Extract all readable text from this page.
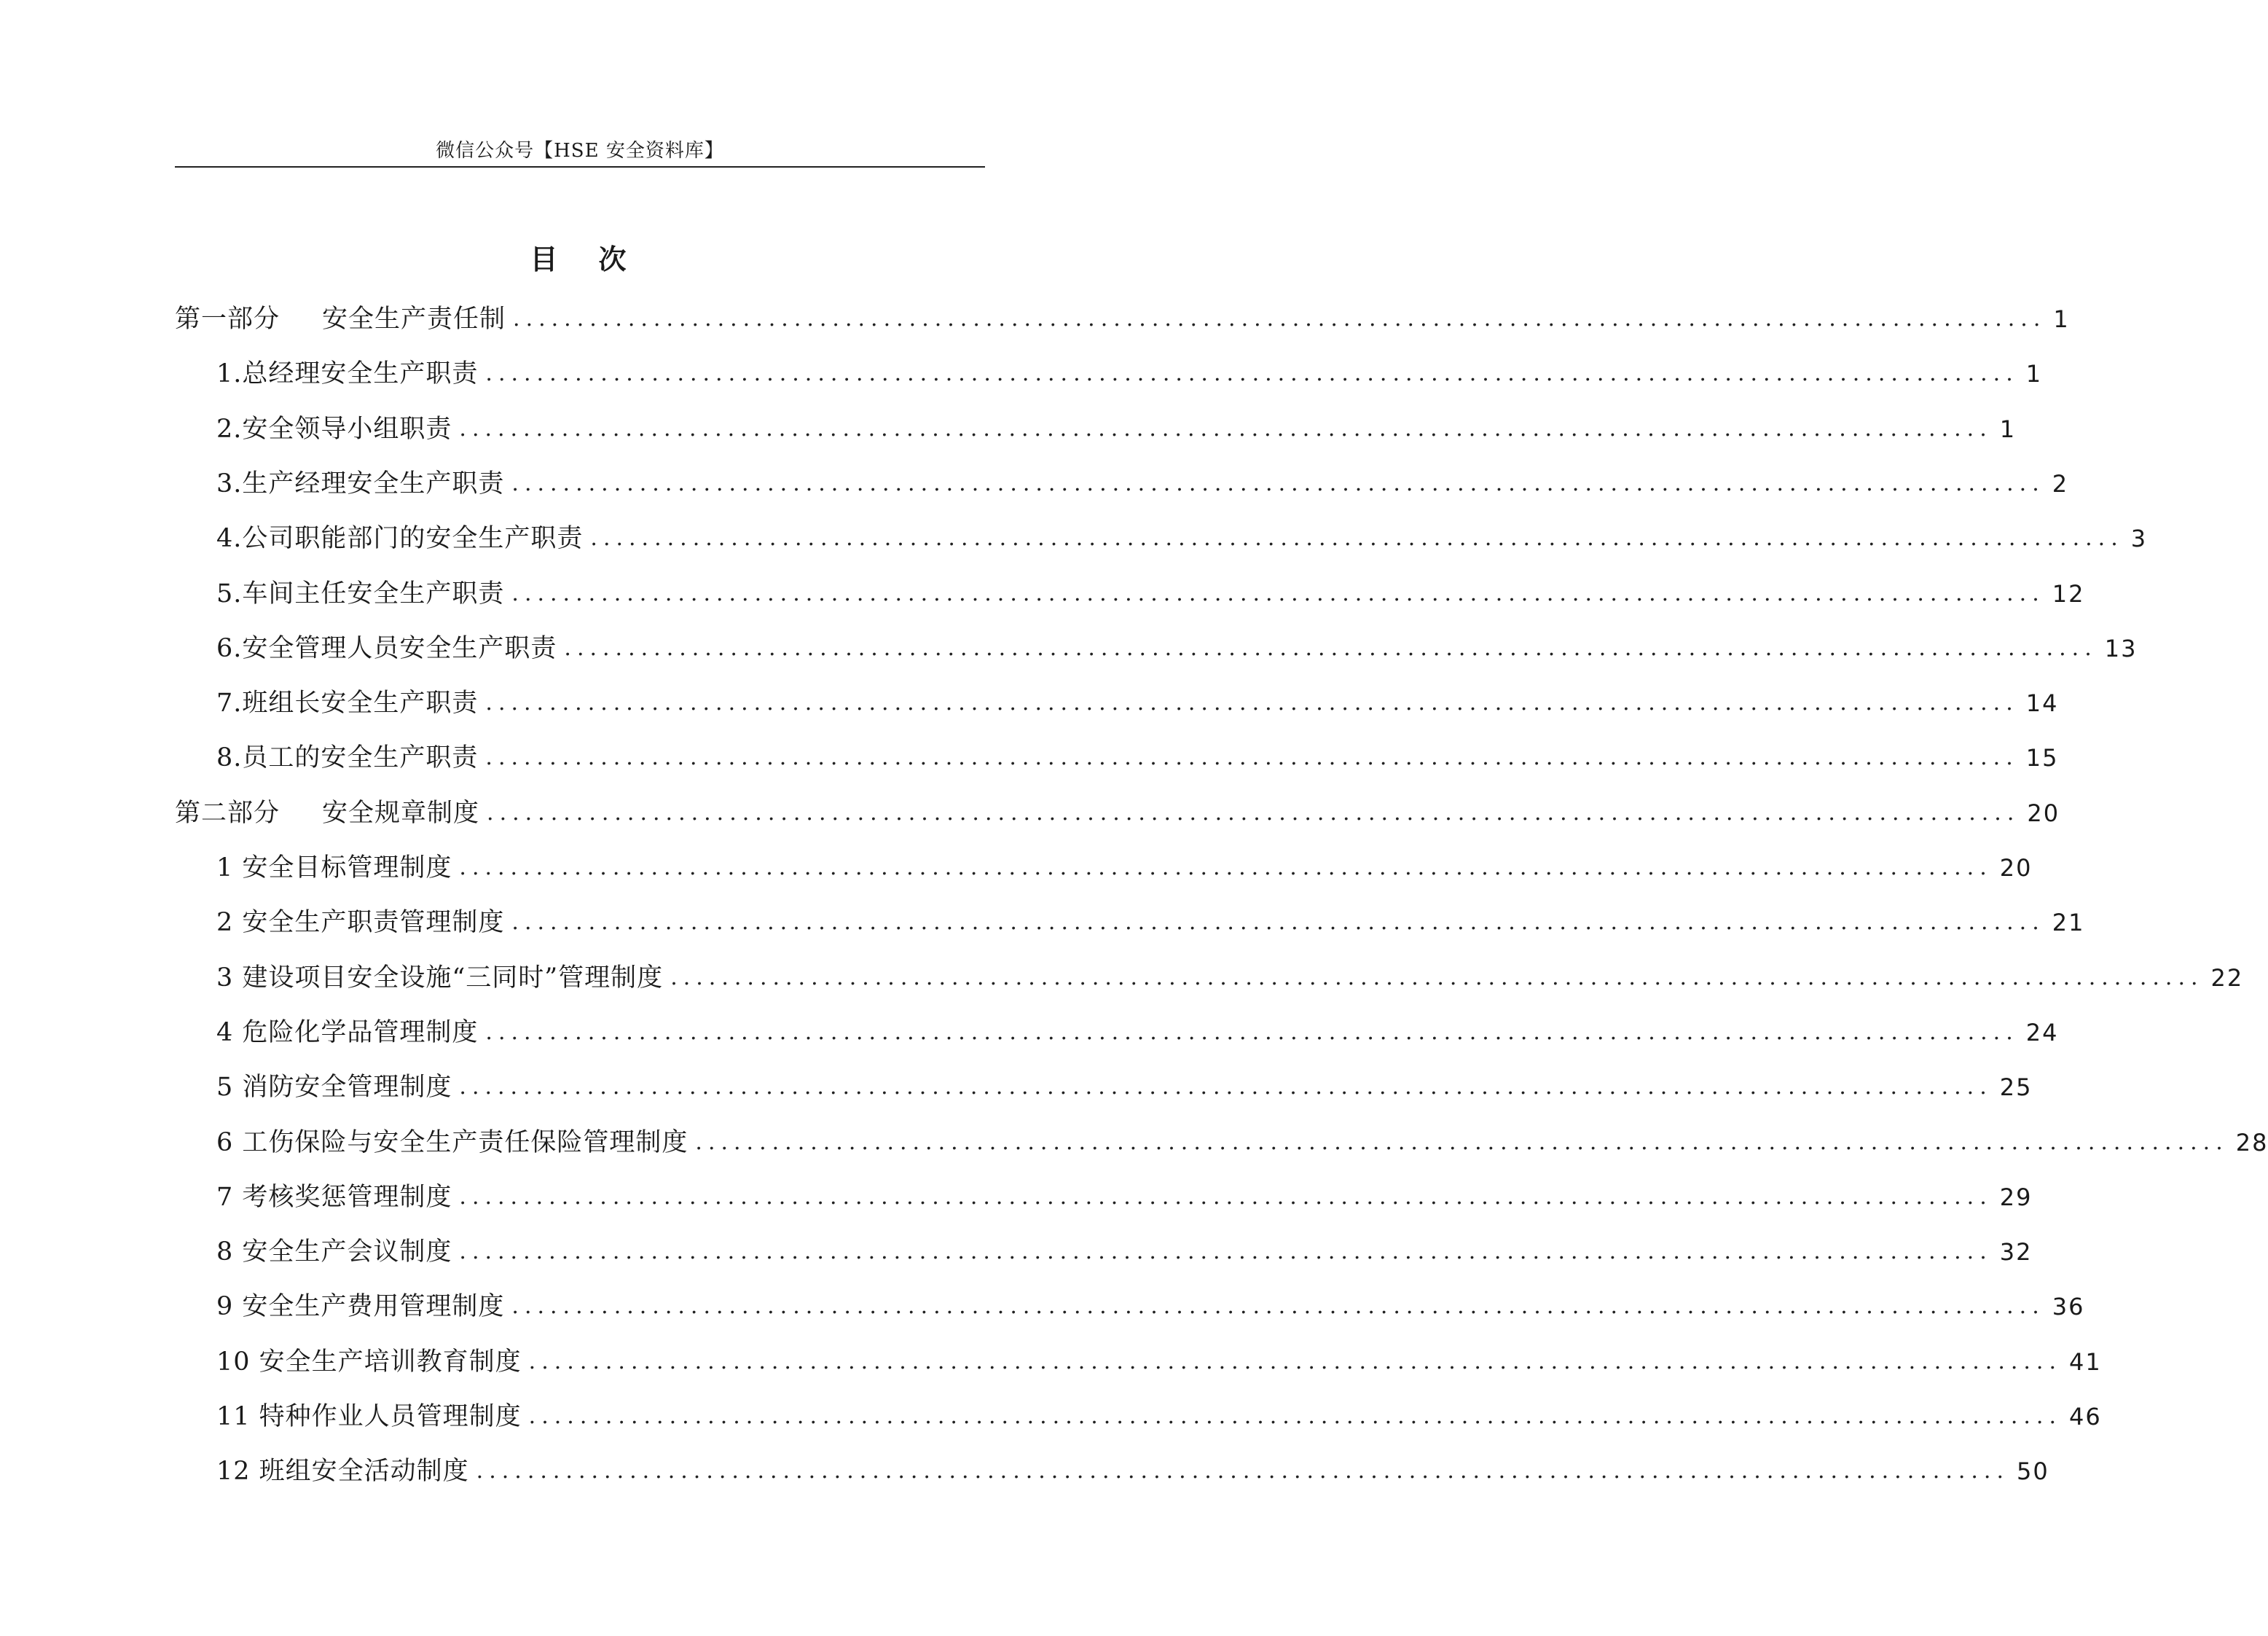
微信公众号【HSE 安全资料库】
目次
第一部分 安全生产责任制 ........................................................................................................................ 1
1.总经理安全生产职责 ........................................................................................................................ 1
2.安全领导小组职责 ........................................................................................................................ 1
3.生产经理安全生产职责 ........................................................................................................................ 2
4.公司职能部门的安全生产职责 ........................................................................................................................ 3
5.车间主任安全生产职责 ........................................................................................................................ 12
6.安全管理人员安全生产职责 ........................................................................................................................ 13
7.班组长安全生产职责 ........................................................................................................................ 14
8.员工的安全生产职责 ........................................................................................................................ 15
第二部分 安全规章制度 ........................................................................................................................ 20
1 安全目标管理制度 ........................................................................................................................ 20
2 安全生产职责管理制度 ........................................................................................................................ 21
3 建设项目安全设施“三同时”管理制度 ........................................................................................................................ 22
4 危险化学品管理制度 ........................................................................................................................ 24
5 消防安全管理制度 ........................................................................................................................ 25
6 工伤保险与安全生产责任保险管理制度 ........................................................................................................................ 28
7 考核奖惩管理制度 ........................................................................................................................ 29
8 安全生产会议制度 ........................................................................................................................ 32
9 安全生产费用管理制度 ........................................................................................................................ 36
10 安全生产培训教育制度 ........................................................................................................................ 41
11 特种作业人员管理制度 ........................................................................................................................ 46
12 班组安全活动制度 ........................................................................................................................ 50
